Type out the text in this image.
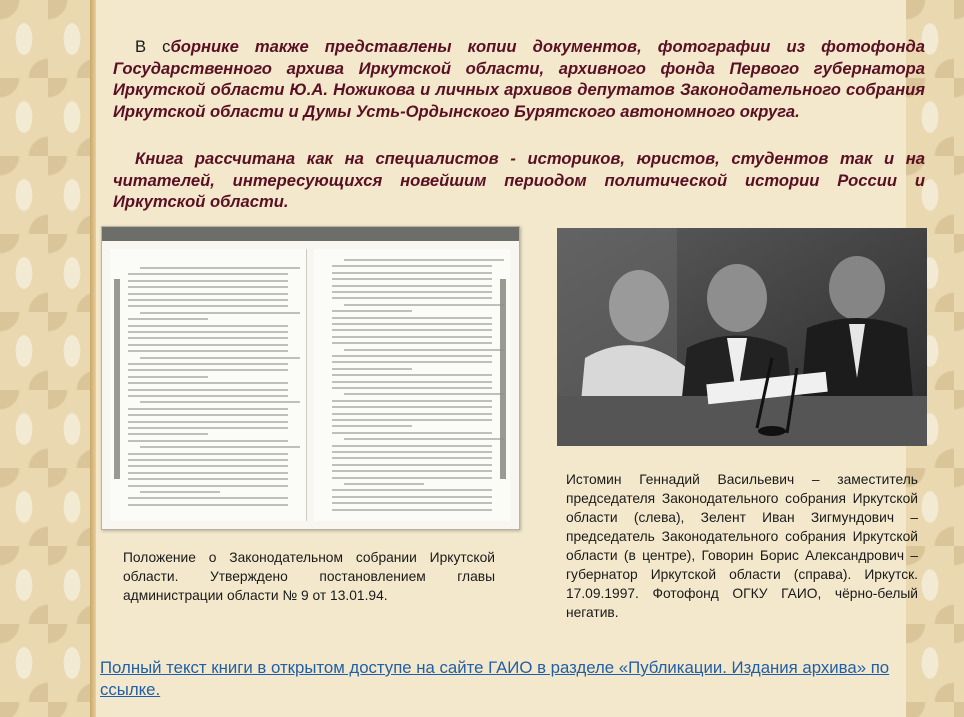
В сборнике также представлены копии документов, фотографии из фотофонда Государственного архива Иркутской области, архивного фонда Первого губернатора Иркутской области Ю.А. Ножикова и личных архивов депутатов Законодательного собрания Иркутской области и Думы Усть-Ордынского Бурятского автономного округа.

Книга рассчитана как на специалистов - историков, юристов, студентов так и на читателей, интересующихся новейшим периодом политической истории России и Иркутской области.

Положение о Законодательном собрании Иркутской области. Утверждено постановлением главы администрации области № 9 от 13.01.94.

Истомин Геннадий Васильевич – заместитель председателя Законодательного собрания Иркутской области (слева), Зелент Иван Зигмундович – председатель Законодательного собрания Иркутской области (в центре), Говорин Борис Александрович – губернатор Иркутской области (справа). Иркутск. 17.09.1997. Фотофонд ОГКУ ГАИО, чёрно-белый негатив.

Полный текст книги в открытом доступе на сайте ГАИО в разделе «Публикации. Издания архива» по ссылке.
